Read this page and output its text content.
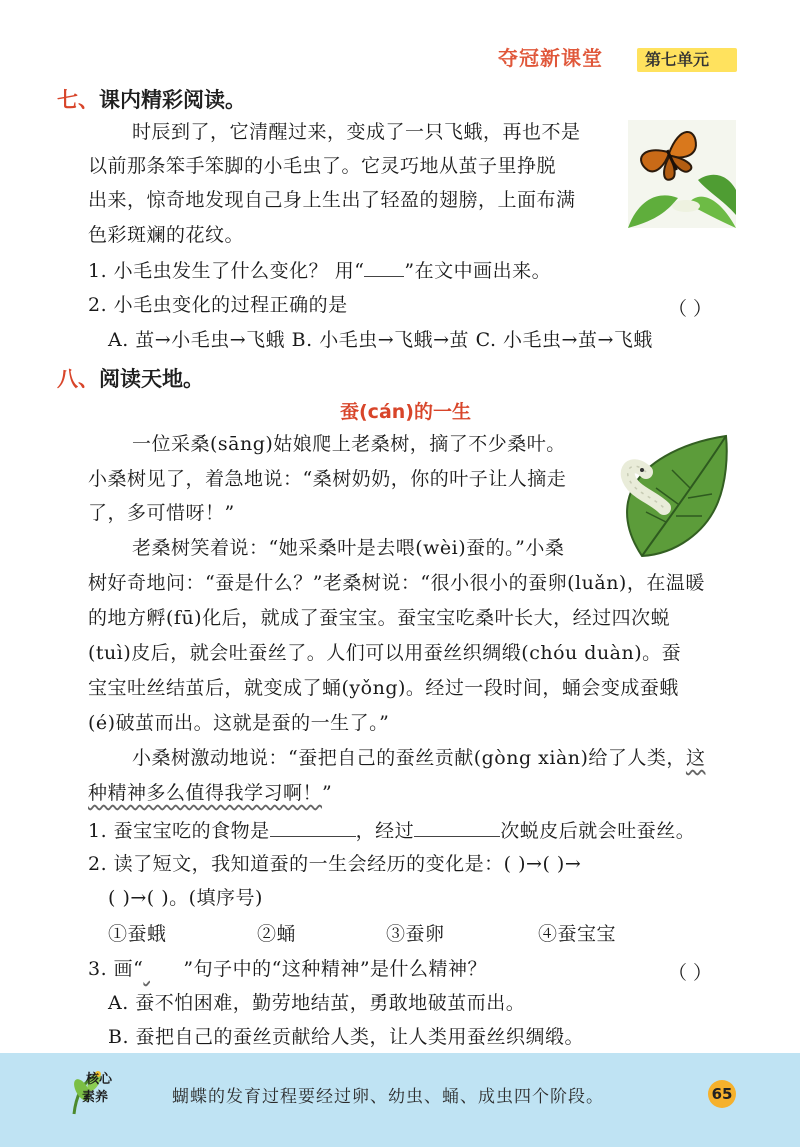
夺冠新课堂	第七单元
七、课内精彩阅读。
时辰到了，它清醒过来，变成了一只飞蛾，再也不是
以前那条笨手笨脚的小毛虫了。它灵巧地从茧子里挣脱
出来，惊奇地发现自己身上生出了轻盈的翅膀，上面布满
色彩斑斓的花纹。
1. 小毛虫发生了什么变化？ 用“ ”在文中画出来。
2. 小毛虫变化的过程正确的是	（ ）
A. 茧→小毛虫→飞蛾 B. 小毛虫→飞蛾→茧 C. 小毛虫→茧→飞蛾
八、阅读天地。
蚕(cán)的一生
一位采桑(sāng)姑娘爬上老桑树，摘了不少桑叶。
小桑树见了，着急地说：“桑树奶奶，你的叶子让人摘走
了，多可惜呀！”
老桑树笑着说：“她采桑叶是去喂(wèi)蚕的。”小桑
树好奇地问：“蚕是什么？”老桑树说：“很小很小的蚕卵(luǎn)，在温暖
的地方孵(fū)化后，就成了蚕宝宝。蚕宝宝吃桑叶长大，经过四次蜕
(tuì)皮后，就会吐蚕丝了。人们可以用蚕丝织绸缎(chóu duàn)。蚕
宝宝吐丝结茧后，就变成了蛹(yǒng)。经过一段时间，蛹会变成蚕蛾
(é)破茧而出。这就是蚕的一生了。”
小桑树激动地说：“蚕把自己的蚕丝贡献(gòng xiàn)给了人类，这
种精神多么值得我学习啊！”
1. 蚕宝宝吃的食物是	，经过	次蜕皮后就会吐蚕丝。
2. 读了短文，我知道蚕的一生会经历的变化是：( )→( )→
( )→( )。(填序号)
①蚕蛾	②蛹	③蚕卵	④蚕宝宝
3. 画“ ”句子中的“这种精神”是什么精神？	（ ）
A. 蚕不怕困难，勤劳地结茧，勇敢地破茧而出。
B. 蚕把自己的蚕丝贡献给人类，让人类用蚕丝织绸缎。
核心
素养	蝴蝶的发育过程要经过卵、幼虫、蛹、成虫四个阶段。	65
